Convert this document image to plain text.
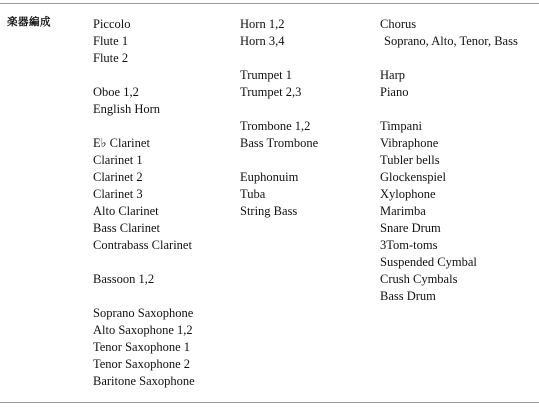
楽器編成	Piccolo
Flute 1
Flute 2
Oboe 1,2
English Horn
E♭ Clarinet
Clarinet 1
Clarinet 2
Clarinet 3
Alto Clarinet
Bass Clarinet
Contrabass Clarinet
Bassoon 1,2
Soprano Saxophone
Alto Saxophone 1,2
Tenor Saxophone 1
Tenor Saxophone 2
Baritone Saxophone
Horn 1,2
Horn 3,4
Trumpet 1
Trumpet 2,3
Trombone 1,2
Bass Trombone
Euphonuim
Tuba
String Bass
Chorus
Soprano, Alto, Tenor, Bass
Harp
Piano
Timpani
Vibraphone
Tubler bells
Glockenspiel
Xylophone
Marimba
Snare Drum
3Tom-toms
Suspended Cymbal
Crush Cymbals
Bass Drum
